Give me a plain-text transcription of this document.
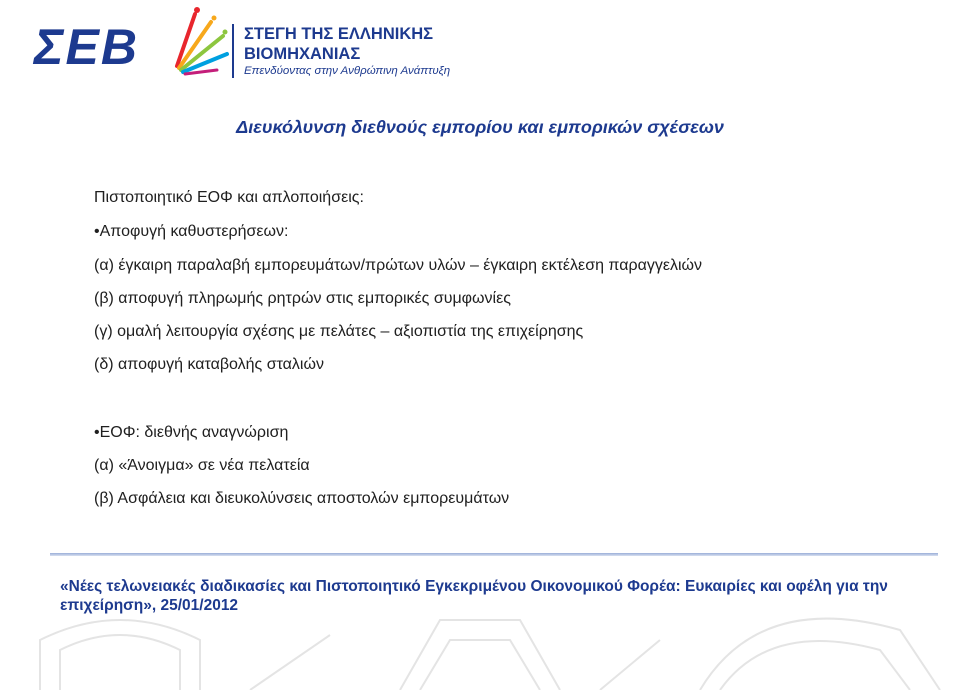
ΣΕΒ	ΣΤΕΓΗ ΤΗΣ ΕΛΛΗΝΙΚΗΣ
ΒΙΟΜΗΧΑΝΙΑΣ
Επενδύοντας στην Ανθρώπινη Ανάπτυξη
Διευκόλυνση διεθνούς εμπορίου και εμπορικών σχέσεων
Πιστοποιητικό ΕΟΦ και απλοποιήσεις:
•Αποφυγή καθυστερήσεων:
(α) έγκαιρη παραλαβή εμπορευμάτων/πρώτων υλών – έγκαιρη εκτέλεση παραγγελιών
(β) αποφυγή πληρωμής ρητρών στις εμπορικές συμφωνίες
(γ) ομαλή λειτουργία σχέσης με πελάτες – αξιοπιστία της επιχείρησης
(δ) αποφυγή καταβολής σταλιών
•ΕΟΦ: διεθνής αναγνώριση
(α) «Άνοιγμα» σε νέα πελατεία
(β) Ασφάλεια και διευκολύνσεις αποστολών εμπορευμάτων
«Νέες τελωνειακές διαδικασίες και Πιστοποιητικό Εγκεκριμένου Οικονομικού Φορέα: Ευκαιρίες και οφέλη για την επιχείρηση», 25/01/2012
